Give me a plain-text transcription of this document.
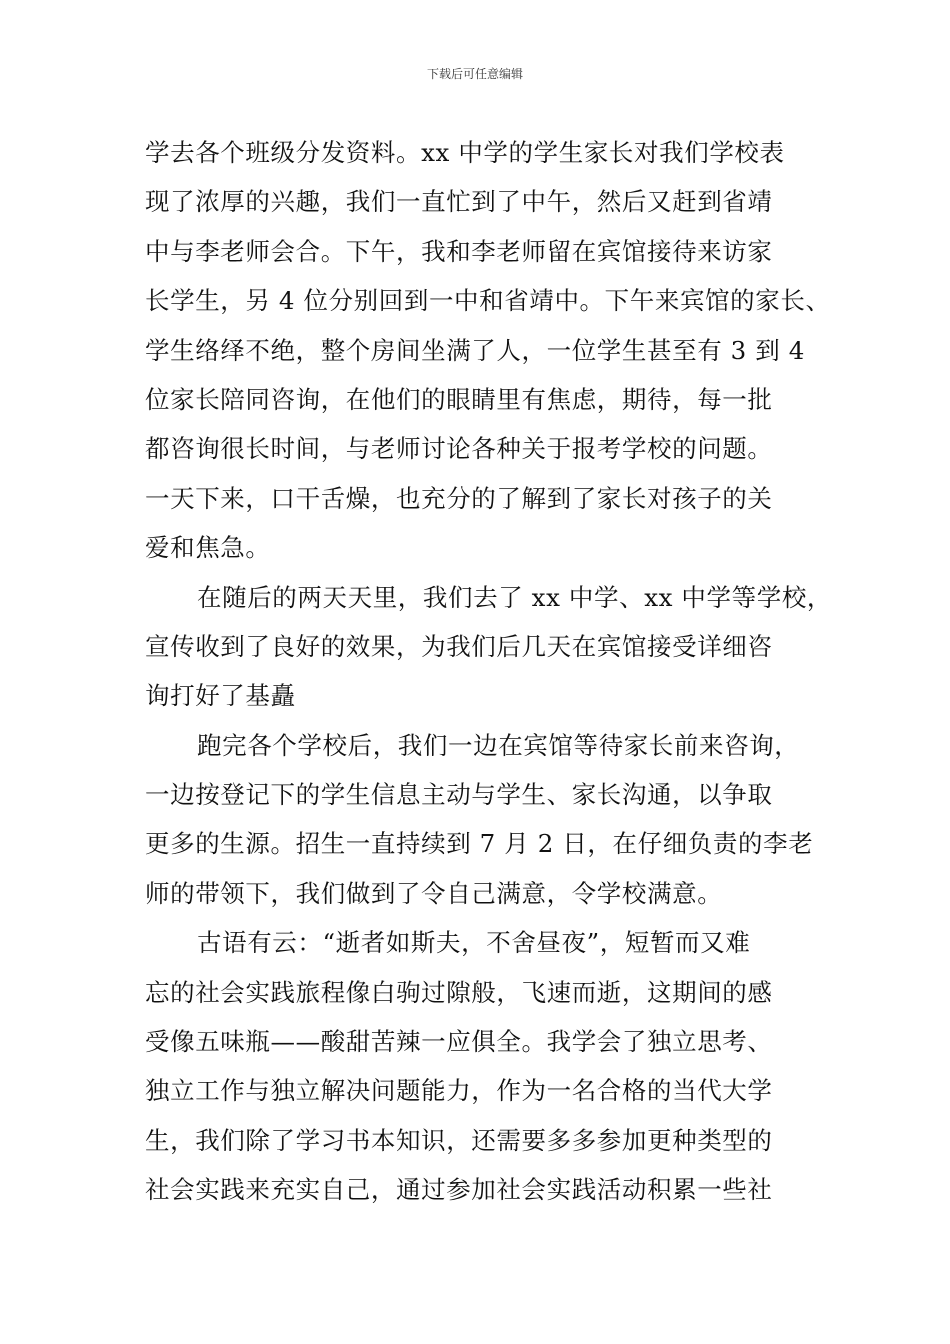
下载后可任意编辑
学去各个班级分发资料。xx 中学的学生家长对我们学校表
现了浓厚的兴趣，我们一直忙到了中午，然后又赶到省靖
中与李老师会合。下午，我和李老师留在宾馆接待来访家
长学生，另 4 位分别回到一中和省靖中。下午来宾馆的家长、
学生络绎不绝，整个房间坐满了人，一位学生甚至有 3 到 4
位家长陪同咨询，在他们的眼睛里有焦虑，期待，每一批
都咨询很长时间，与老师讨论各种关于报考学校的问题。
一天下来，口干舌燥，也充分的了解到了家长对孩子的关
爱和焦急。
在随后的两天天里，我们去了 xx 中学、xx 中学等学校，
宣传收到了良好的效果，为我们后几天在宾馆接受详细咨
询打好了基矗
跑完各个学校后，我们一边在宾馆等待家长前来咨询，
一边按登记下的学生信息主动与学生、家长沟通，以争取
更多的生源。招生一直持续到 7 月 2 日，在仔细负责的李老
师的带领下，我们做到了令自己满意，令学校满意。
古语有云：“逝者如斯夫，不舍昼夜”，短暂而又难
忘的社会实践旅程像白驹过隙般，飞速而逝，这期间的感
受像五味瓶——酸甜苦辣一应俱全。我学会了独立思考、
独立工作与独立解决问题能力，作为一名合格的当代大学
生，我们除了学习书本知识，还需要多多参加更种类型的
社会实践来充实自己，通过参加社会实践活动积累一些社
